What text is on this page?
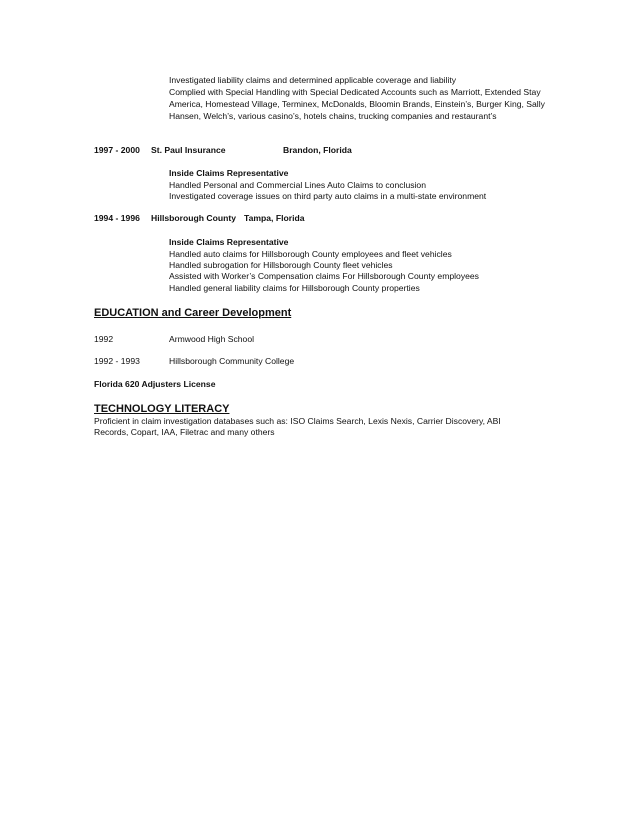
Investigated liability claims and determined applicable coverage and liability
Complied with Special Handling with Special Dedicated Accounts such as Marriott, Extended Stay
America, Homestead Village, Terminex, McDonalds, Bloomin Brands, Einstein’s, Burger King, Sally
Hansen, Welch’s, various casino’s, hotels chains, trucking companies and restaurant’s
1997 - 2000 St. Paul Insurance	Brandon, Florida
Inside Claims Representative
Handled Personal and Commercial Lines Auto Claims to conclusion
Investigated coverage issues on third party auto claims in a multi-state environment
1994 - 1996 Hillsborough County Tampa, Florida
Inside Claims Representative
Handled auto claims for Hillsborough County employees and fleet vehicles
Handled subrogation for Hillsborough County fleet vehicles
Assisted with Worker’s Compensation claims For Hillsborough County employees
Handled general liability claims for Hillsborough County properties
EDUCATION and Career Development
1992	Armwood High School
1992 - 1993	Hillsborough Community College
Florida 620 Adjusters License
TECHNOLOGY LITERACY
Proficient in claim investigation databases such as: ISO Claims Search, Lexis Nexis, Carrier Discovery, ABI Records, Copart, IAA, Filetrac and many others
